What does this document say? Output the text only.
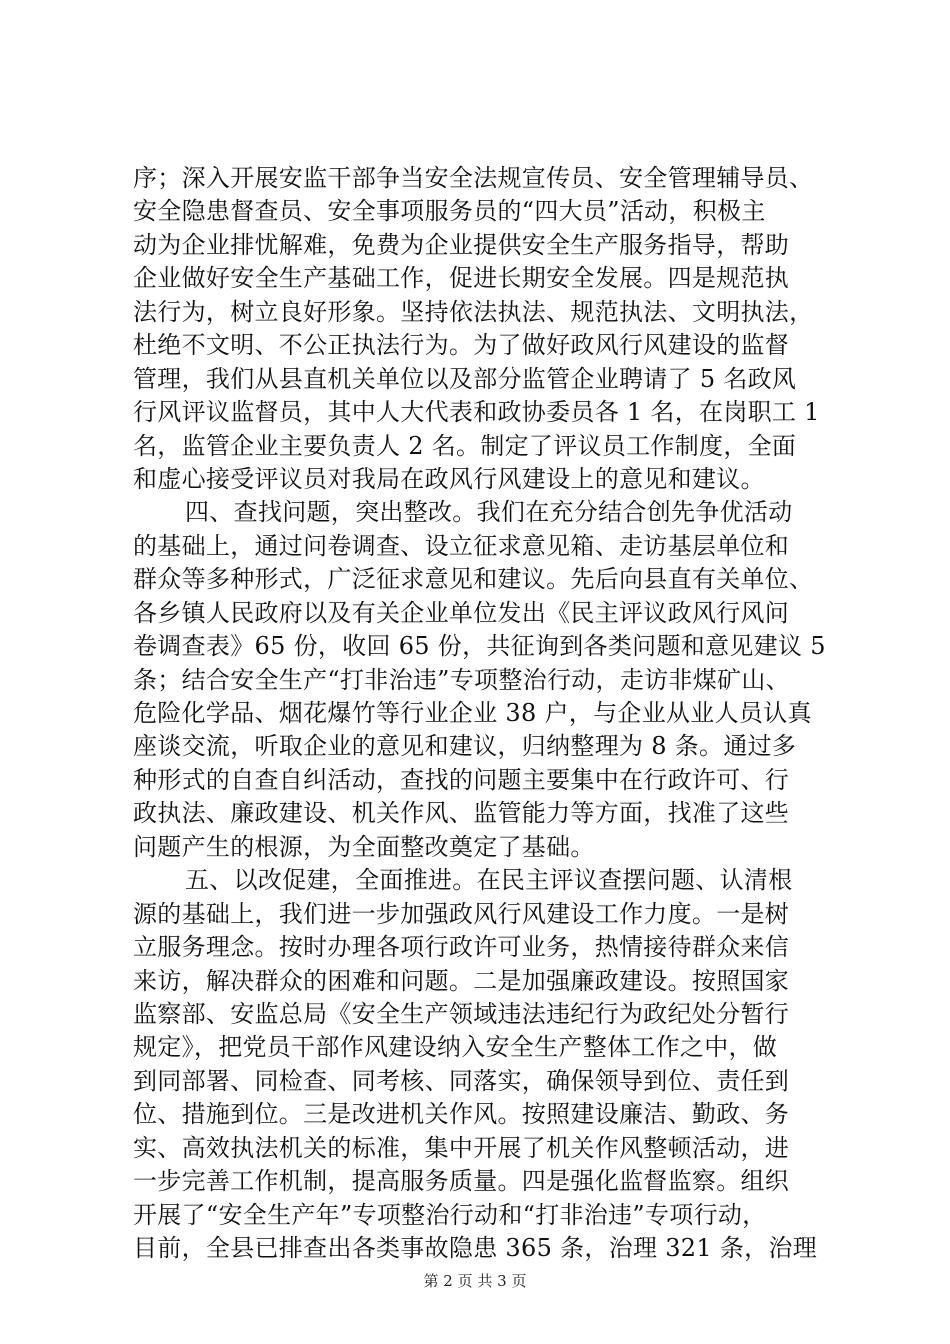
序；深入开展安监干部争当安全法规宣传员、安全管理辅导员、
安全隐患督查员、安全事项服务员的“四大员”活动，积极主
动为企业排忧解难，免费为企业提供安全生产服务指导，帮助
企业做好安全生产基础工作，促进长期安全发展。四是规范执
法行为，树立良好形象。坚持依法执法、规范执法、文明执法，
杜绝不文明、不公正执法行为。为了做好政风行风建设的监督
管理，我们从县直机关单位以及部分监管企业聘请了 5 名政风
行风评议监督员，其中人大代表和政协委员各 1 名，在岗职工 1
名，监管企业主要负责人 2 名。制定了评议员工作制度，全面
和虚心接受评议员对我局在政风行风建设上的意见和建议。
四、查找问题，突出整改。我们在充分结合创先争优活动
的基础上，通过问卷调查、设立征求意见箱、走访基层单位和
群众等多种形式，广泛征求意见和建议。先后向县直有关单位、
各乡镇人民政府以及有关企业单位发出《民主评议政风行风问
卷调查表》65 份，收回 65 份，共征询到各类问题和意见建议 5
条；结合安全生产“打非治违”专项整治行动，走访非煤矿山、
危险化学品、烟花爆竹等行业企业 38 户，与企业从业人员认真
座谈交流，听取企业的意见和建议，归纳整理为 8 条。通过多
种形式的自查自纠活动，查找的问题主要集中在行政许可、行
政执法、廉政建设、机关作风、监管能力等方面，找准了这些
问题产生的根源，为全面整改奠定了基础。
五、以改促建，全面推进。在民主评议查摆问题、认清根
源的基础上，我们进一步加强政风行风建设工作力度。一是树
立服务理念。按时办理各项行政许可业务，热情接待群众来信
来访，解决群众的困难和问题。二是加强廉政建设。按照国家
监察部、安监总局《安全生产领域违法违纪行为政纪处分暂行
规定》，把党员干部作风建设纳入安全生产整体工作之中，做
到同部署、同检查、同考核、同落实，确保领导到位、责任到
位、措施到位。三是改进机关作风。按照建设廉洁、勤政、务
实、高效执法机关的标准，集中开展了机关作风整顿活动，进
一步完善工作机制，提高服务质量。四是强化监督监察。组织
开展了“安全生产年”专项整治行动和“打非治违”专项行动，
目前，全县已排查出各类事故隐患 365 条，治理 321 条，治理
第 2 页 共 3 页
